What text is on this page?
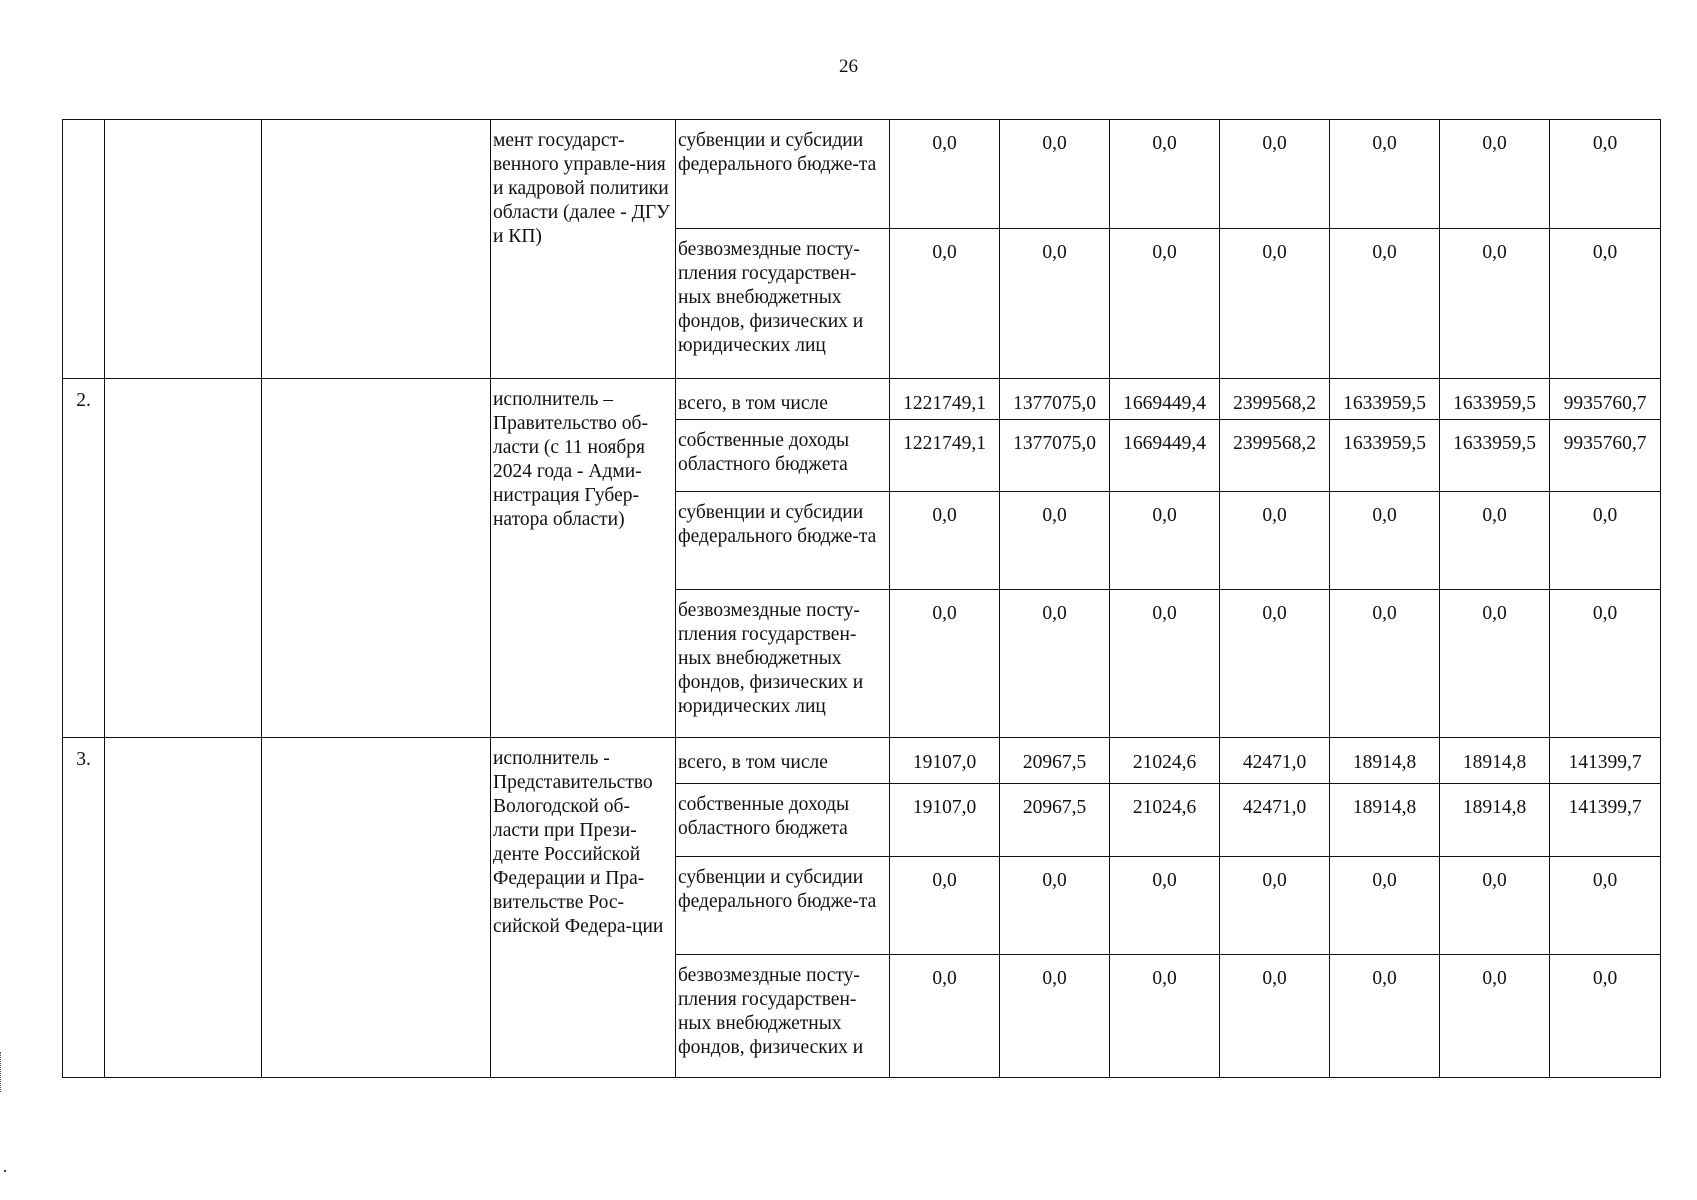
26
			мент государст-венного управле-ния и кадровой политики области (далее - ДГУ и КП)	субвенции и субсидии федерального бюдже-та	0,0	0,0	0,0	0,0	0,0	0,0	0,0
				безвозмездные посту-пления государствен-ных внебюджетных фондов, физических и юридических лиц	0,0	0,0	0,0	0,0	0,0	0,0	0,0
2.			исполнитель – Правительство об-ласти (с 11 ноября 2024 года - Адми-нистрация Губер-натора области)	всего, в том числе	1221749,1	1377075,0	1669449,4	2399568,2	1633959,5	1633959,5	9935760,7
				собственные доходы областного бюджета	1221749,1	1377075,0	1669449,4	2399568,2	1633959,5	1633959,5	9935760,7
				субвенции и субсидии федерального бюдже-та	0,0	0,0	0,0	0,0	0,0	0,0	0,0
				безвозмездные посту-пления государствен-ных внебюджетных фондов, физических и юридических лиц	0,0	0,0	0,0	0,0	0,0	0,0	0,0
3.			исполнитель - Представительство Вологодской об-ласти при Прези-денте Российской Федерации и Пра-вительстве Рос-сийской Федера-ции	всего, в том числе	19107,0	20967,5	21024,6	42471,0	18914,8	18914,8	141399,7
				собственные доходы областного бюджета	19107,0	20967,5	21024,6	42471,0	18914,8	18914,8	141399,7
				субвенции и субсидии федерального бюдже-та	0,0	0,0	0,0	0,0	0,0	0,0	0,0
				безвозмездные посту-пления государствен-ных внебюджетных фондов, физических и	0,0	0,0	0,0	0,0	0,0	0,0	0,0
